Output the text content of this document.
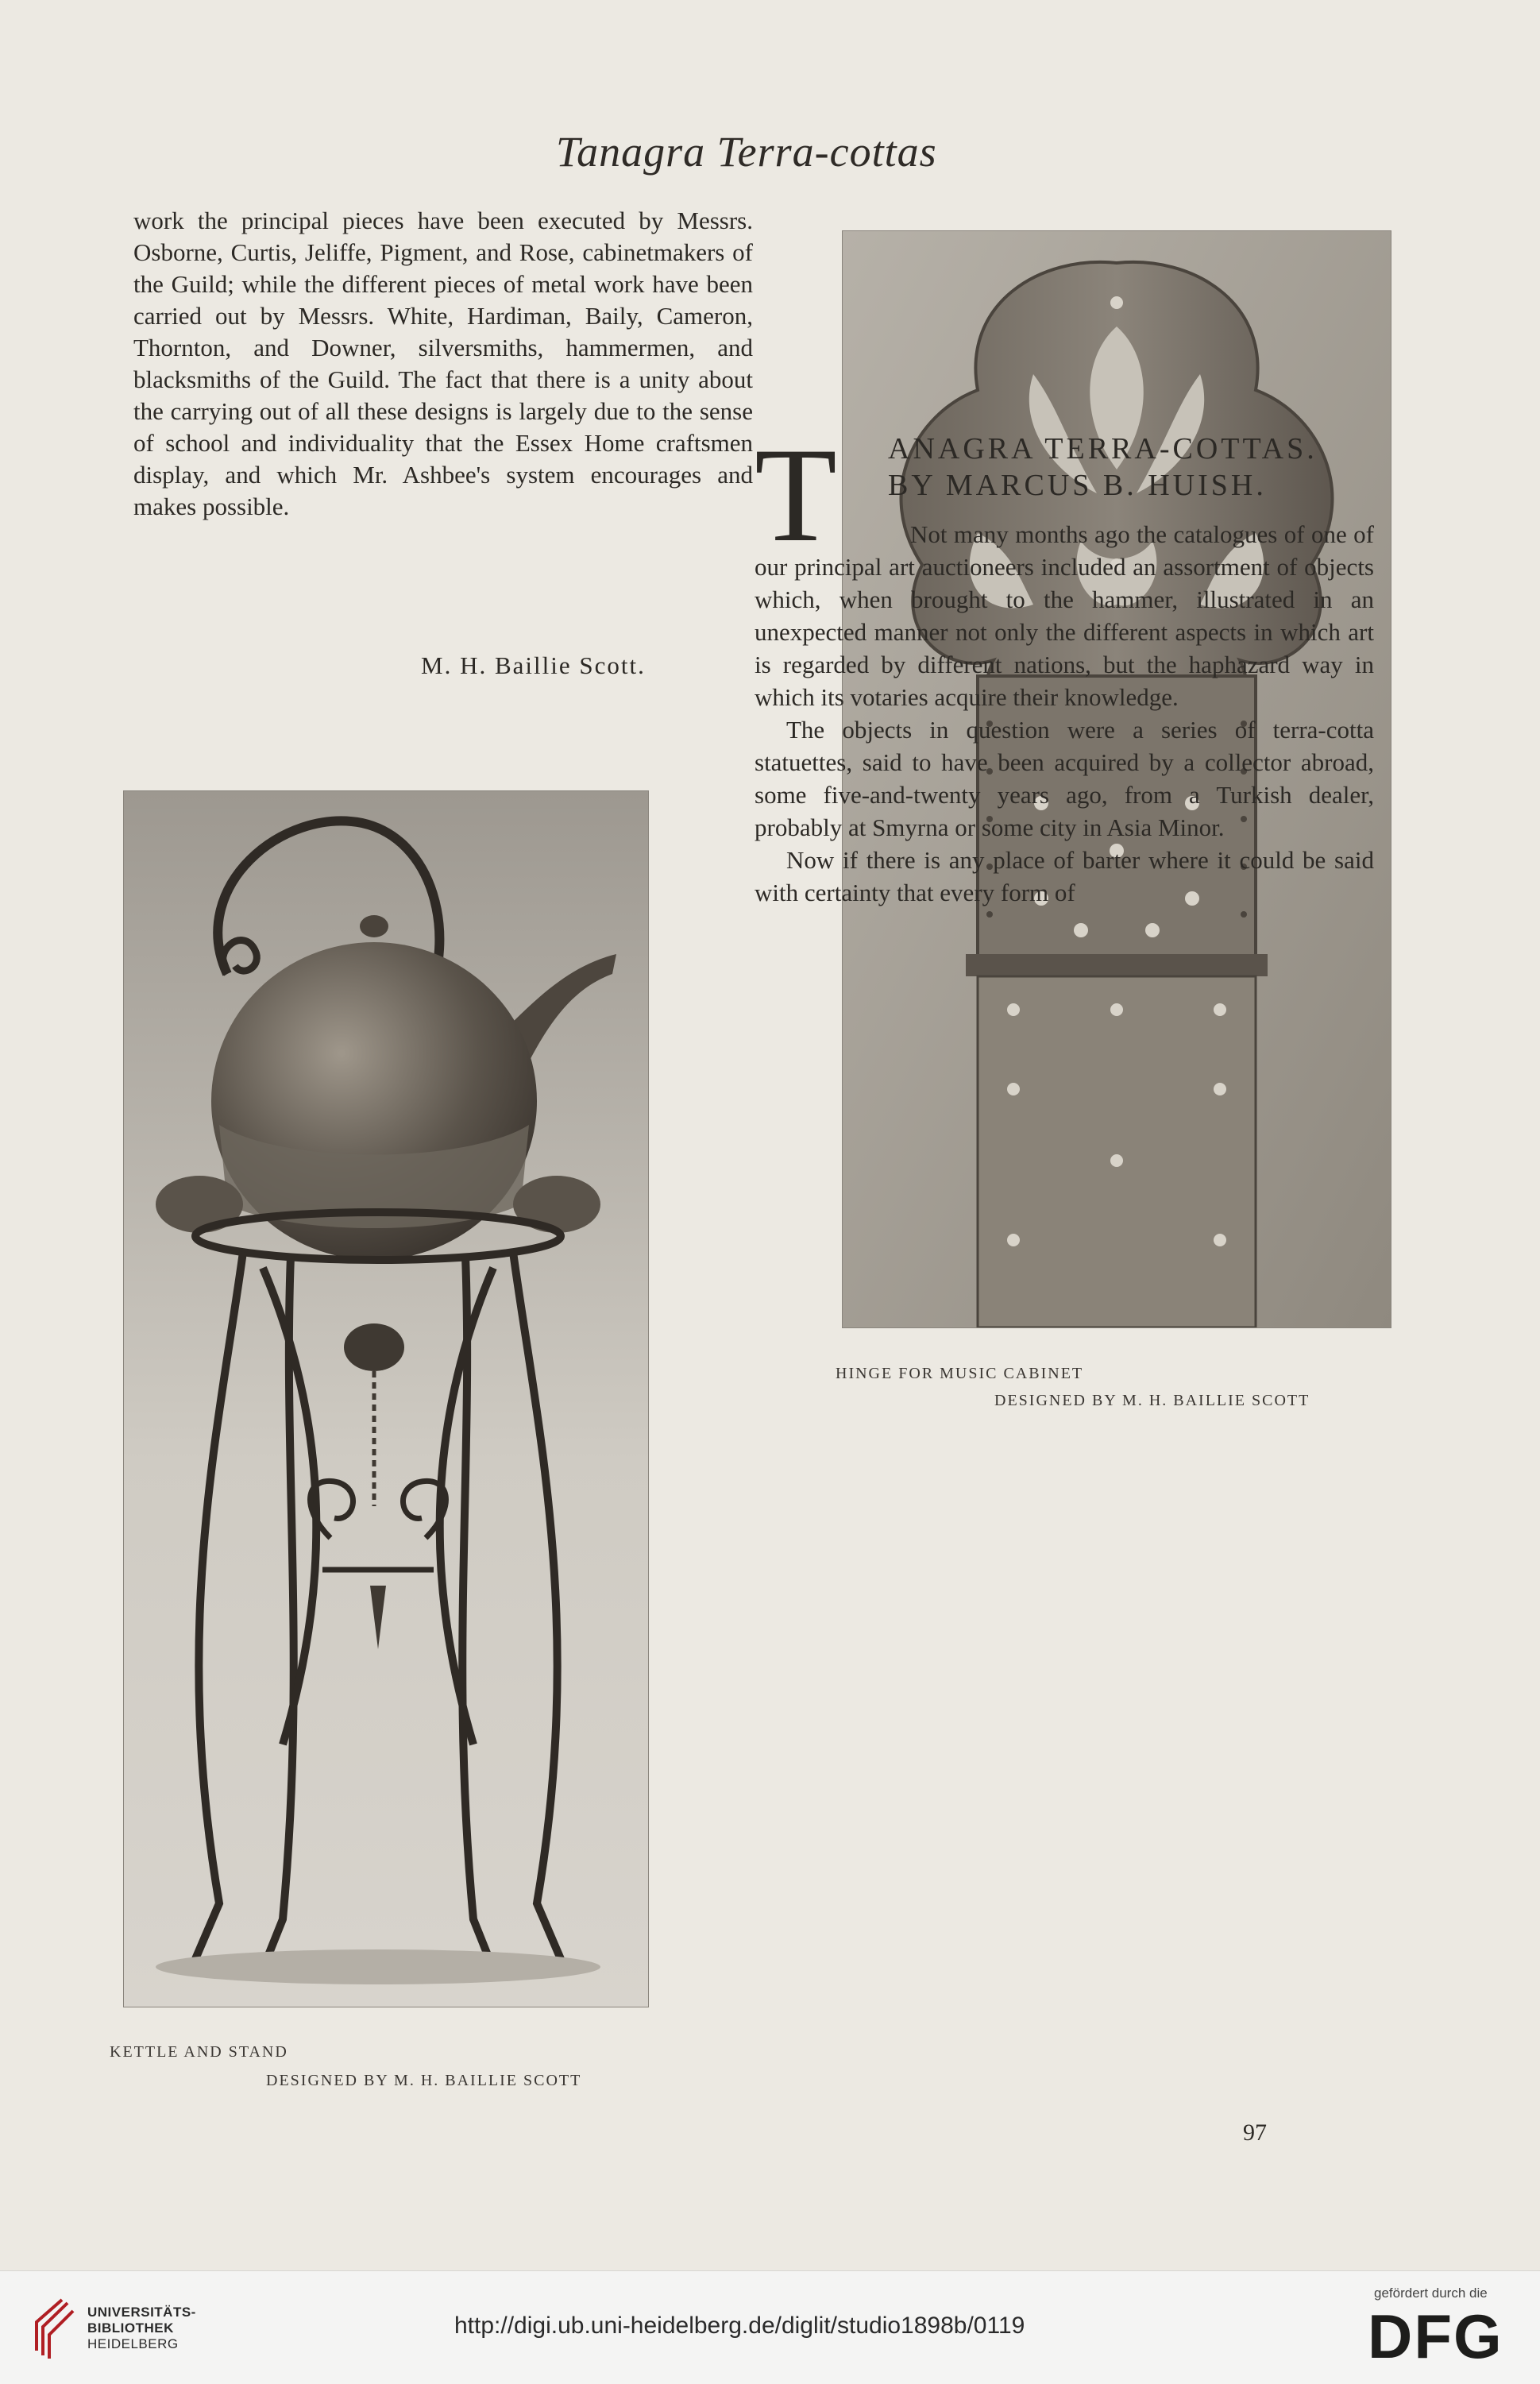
Tanagra Terra-cottas

work the principal pieces have been executed by Messrs. Osborne, Curtis, Jeliffe, Pigment, and Rose, cabinetmakers of the Guild; while the different pieces of metal work have been carried out by Messrs. White, Hardiman, Baily, Cameron, Thornton, and Downer, silversmiths, hammermen, and blacksmiths of the Guild. The fact that there is a unity about the carrying out of all these designs is largely due to the sense of school and individuality that the Essex Home craftsmen display, and which Mr. Ashbee's system encourages and makes possible.

M. H. Baillie Scott.
HINGE FOR MUSIC CABINET
DESIGNED BY M. H. BAILLIE SCOTT
KETTLE AND STAND
DESIGNED BY M. H. BAILLIE SCOTT
T ANAGRA TERRA-COTTAS.
BY MARCUS B. HUISH.

Not many months ago the catalogues of one of our principal art auctioneers included an assortment of objects which, when brought to the hammer, illustrated in an unexpected manner not only the different aspects in which art is regarded by different nations, but the haphazard way in which its votaries acquire their knowledge.

The objects in question were a series of terra-cotta statuettes, said to have been acquired by a collector abroad, some five-and-twenty years ago, from a Turkish dealer, probably at Smyrna or some city in Asia Minor.

Now if there is any place of barter where it could be said with certainty that every form of

97
UNIVERSITÄTS-
BIBLIOTHEK
HEIDELBERG
http://digi.ub.uni-heidelberg.de/diglit/studio1898b/0119
gefördert durch die
DFG
